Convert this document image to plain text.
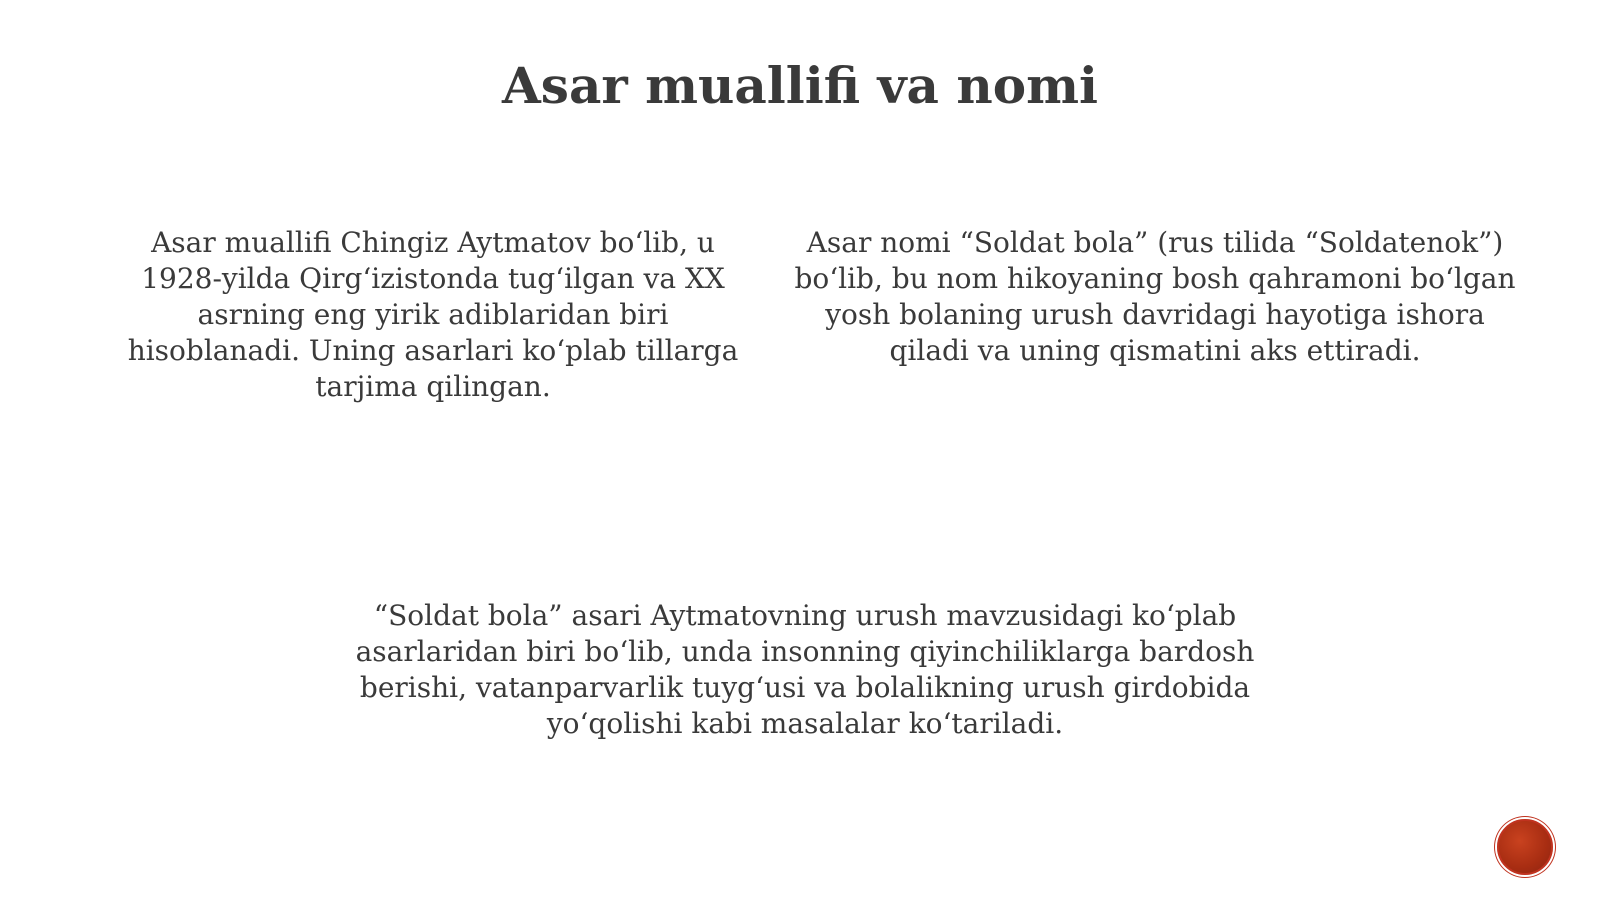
Asar muallifi va nomi

Asar muallifi Chingiz Aytmatov bo‘lib, u 1928-yilda Qirg‘izistonda tug‘ilgan va XX asrning eng yirik adiblaridan biri hisoblanadi. Uning asarlari ko‘plab tillarga tarjima qilingan.

Asar nomi “Soldat bola” (rus tilida “Soldatenok”) bo‘lib, bu nom hikoyaning bosh qahramoni bo‘lgan yosh bolaning urush davridagi hayotiga ishora qiladi va uning qismatini aks ettiradi.

“Soldat bola” asari Aytmatovning urush mavzusidagi ko‘plab asarlaridan biri bo‘lib, unda insonning qiyinchiliklarga bardosh berishi, vatanparvarlik tuyg‘usi va bolalikning urush girdobida yo‘qolishi kabi masalalar ko‘tariladi.
